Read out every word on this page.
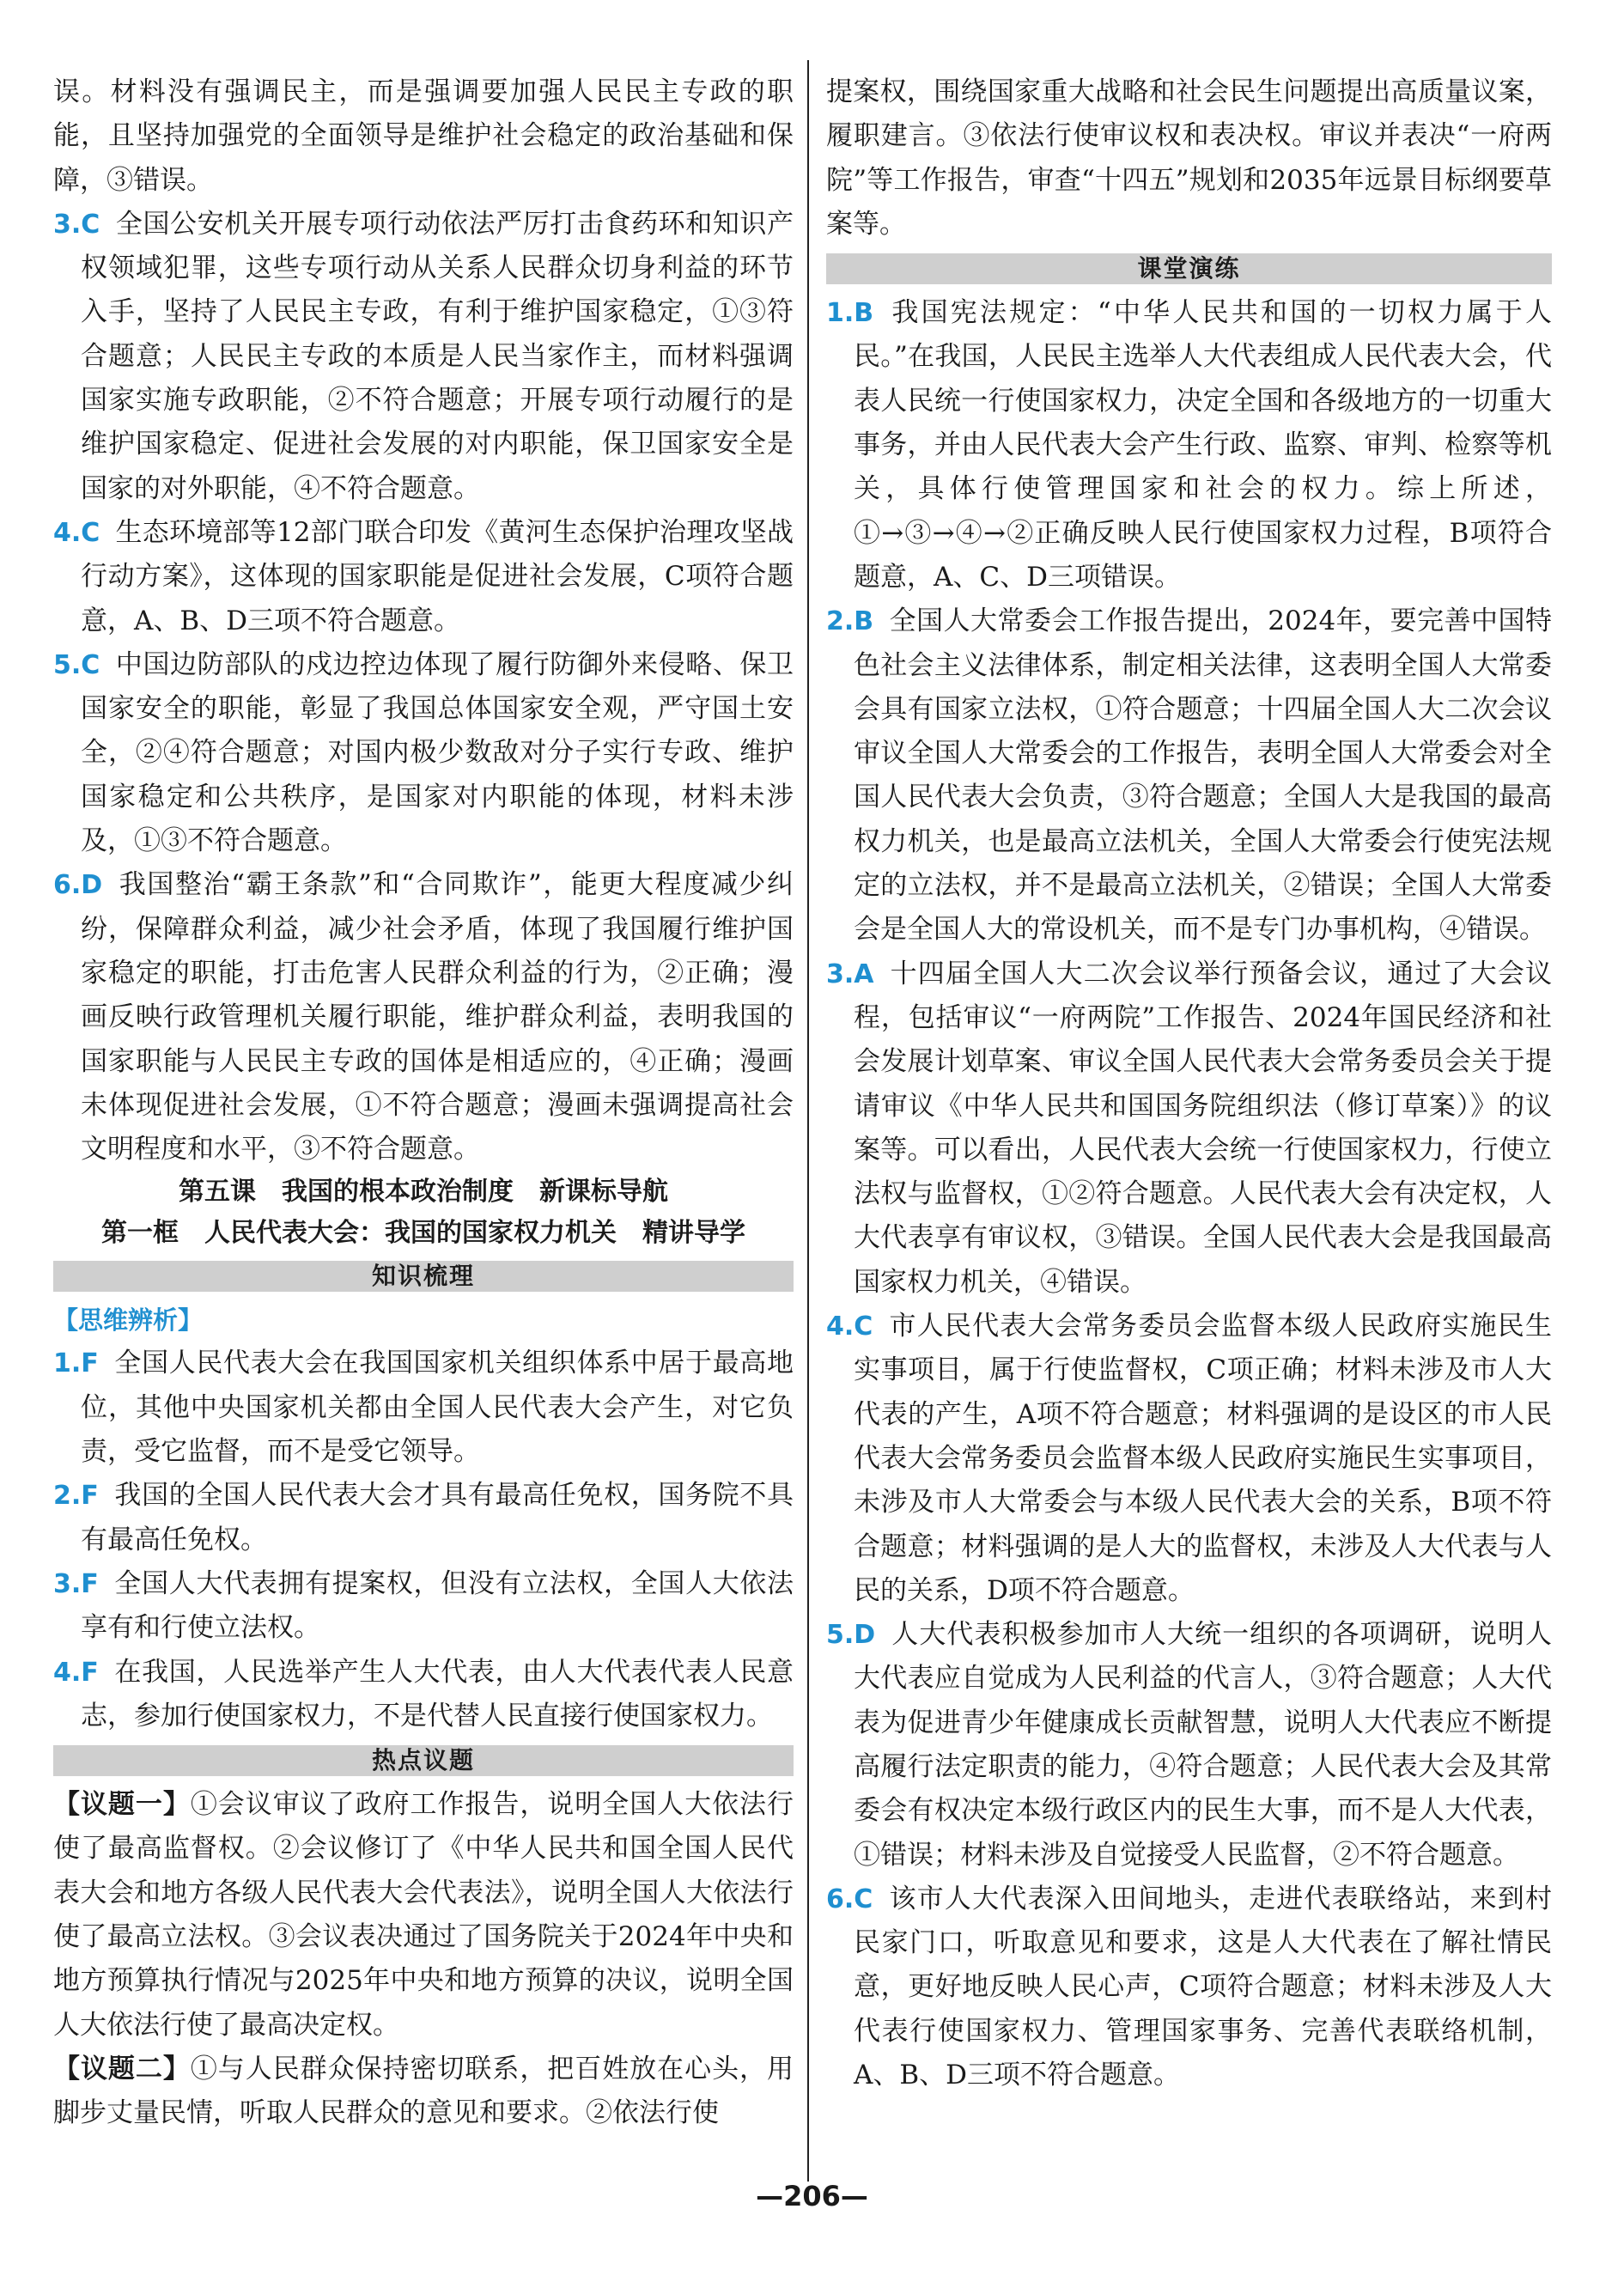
误。材料没有强调民主，而是强调要加强人民民主专政的职能，且坚持加强党的全面领导是维护社会稳定的政治基础和保障，③错误。
3.C 全国公安机关开展专项行动依法严厉打击食药环和知识产权领域犯罪，这些专项行动从关系人民群众切身利益的环节入手，坚持了人民民主专政，有利于维护国家稳定，①③符合题意；人民民主专政的本质是人民当家作主，而材料强调国家实施专政职能，②不符合题意；开展专项行动履行的是维护国家稳定、促进社会发展的对内职能，保卫国家安全是国家的对外职能，④不符合题意。
4.C 生态环境部等12部门联合印发《黄河生态保护治理攻坚战行动方案》，这体现的国家职能是促进社会发展，C项符合题意，A、B、D三项不符合题意。
5.C 中国边防部队的戍边控边体现了履行防御外来侵略、保卫国家安全的职能，彰显了我国总体国家安全观，严守国土安全，②④符合题意；对国内极少数敌对分子实行专政、维护国家稳定和公共秩序，是国家对内职能的体现，材料未涉及，①③不符合题意。
6.D 我国整治“霸王条款”和“合同欺诈”，能更大程度减少纠纷，保障群众利益，减少社会矛盾，体现了我国履行维护国家稳定的职能，打击危害人民群众利益的行为，②正确；漫画反映行政管理机关履行职能，维护群众利益，表明我国的国家职能与人民民主专政的国体是相适应的，④正确；漫画未体现促进社会发展，①不符合题意；漫画未强调提高社会文明程度和水平，③不符合题意。
第五课　我国的根本政治制度　新课标导航
第一框　人民代表大会：我国的国家权力机关　精讲导学
知识梳理
【思维辨析】
1.F 全国人民代表大会在我国国家机关组织体系中居于最高地位，其他中央国家机关都由全国人民代表大会产生，对它负责，受它监督，而不是受它领导。
2.F 我国的全国人民代表大会才具有最高任免权，国务院不具有最高任免权。
3.F 全国人大代表拥有提案权，但没有立法权，全国人大依法享有和行使立法权。
4.F 在我国，人民选举产生人大代表，由人大代表代表人民意志，参加行使国家权力，不是代替人民直接行使国家权力。
热点议题
【议题一】①会议审议了政府工作报告，说明全国人大依法行使了最高监督权。②会议修订了《中华人民共和国全国人民代表大会和地方各级人民代表大会代表法》，说明全国人大依法行使了最高立法权。③会议表决通过了国务院关于2024年中央和地方预算执行情况与2025年中央和地方预算的决议，说明全国人大依法行使了最高决定权。
【议题二】①与人民群众保持密切联系，把百姓放在心头，用脚步丈量民情，听取人民群众的意见和要求。②依法行使
提案权，围绕国家重大战略和社会民生问题提出高质量议案，履职建言。③依法行使审议权和表决权。审议并表决“一府两院”等工作报告，审查“十四五”规划和2035年远景目标纲要草案等。
课堂演练
1.B 我国宪法规定：“中华人民共和国的一切权力属于人民。”在我国，人民民主选举人大代表组成人民代表大会，代表人民统一行使国家权力，决定全国和各级地方的一切重大事务，并由人民代表大会产生行政、监察、审判、检察等机关，具体行使管理国家和社会的权力。综上所述，①→③→④→②正确反映人民行使国家权力过程，B项符合题意，A、C、D三项错误。
2.B 全国人大常委会工作报告提出，2024年，要完善中国特色社会主义法律体系，制定相关法律，这表明全国人大常委会具有国家立法权，①符合题意；十四届全国人大二次会议审议全国人大常委会的工作报告，表明全国人大常委会对全国人民代表大会负责，③符合题意；全国人大是我国的最高权力机关，也是最高立法机关，全国人大常委会行使宪法规定的立法权，并不是最高立法机关，②错误；全国人大常委会是全国人大的常设机关，而不是专门办事机构，④错误。
3.A 十四届全国人大二次会议举行预备会议，通过了大会议程，包括审议“一府两院”工作报告、2024年国民经济和社会发展计划草案、审议全国人民代表大会常务委员会关于提请审议《中华人民共和国国务院组织法（修订草案）》的议案等。可以看出，人民代表大会统一行使国家权力，行使立法权与监督权，①②符合题意。人民代表大会有决定权，人大代表享有审议权，③错误。全国人民代表大会是我国最高国家权力机关，④错误。
4.C 市人民代表大会常务委员会监督本级人民政府实施民生实事项目，属于行使监督权，C项正确；材料未涉及市人大代表的产生，A项不符合题意；材料强调的是设区的市人民代表大会常务委员会监督本级人民政府实施民生实事项目，未涉及市人大常委会与本级人民代表大会的关系，B项不符合题意；材料强调的是人大的监督权，未涉及人大代表与人民的关系，D项不符合题意。
5.D 人大代表积极参加市人大统一组织的各项调研，说明人大代表应自觉成为人民利益的代言人，③符合题意；人大代表为促进青少年健康成长贡献智慧，说明人大代表应不断提高履行法定职责的能力，④符合题意；人民代表大会及其常委会有权决定本级行政区内的民生大事，而不是人大代表，①错误；材料未涉及自觉接受人民监督，②不符合题意。
6.C 该市人大代表深入田间地头，走进代表联络站，来到村民家门口，听取意见和要求，这是人大代表在了解社情民意，更好地反映人民心声，C项符合题意；材料未涉及人大代表行使国家权力、管理国家事务、完善代表联络机制，A、B、D三项不符合题意。
—206—
